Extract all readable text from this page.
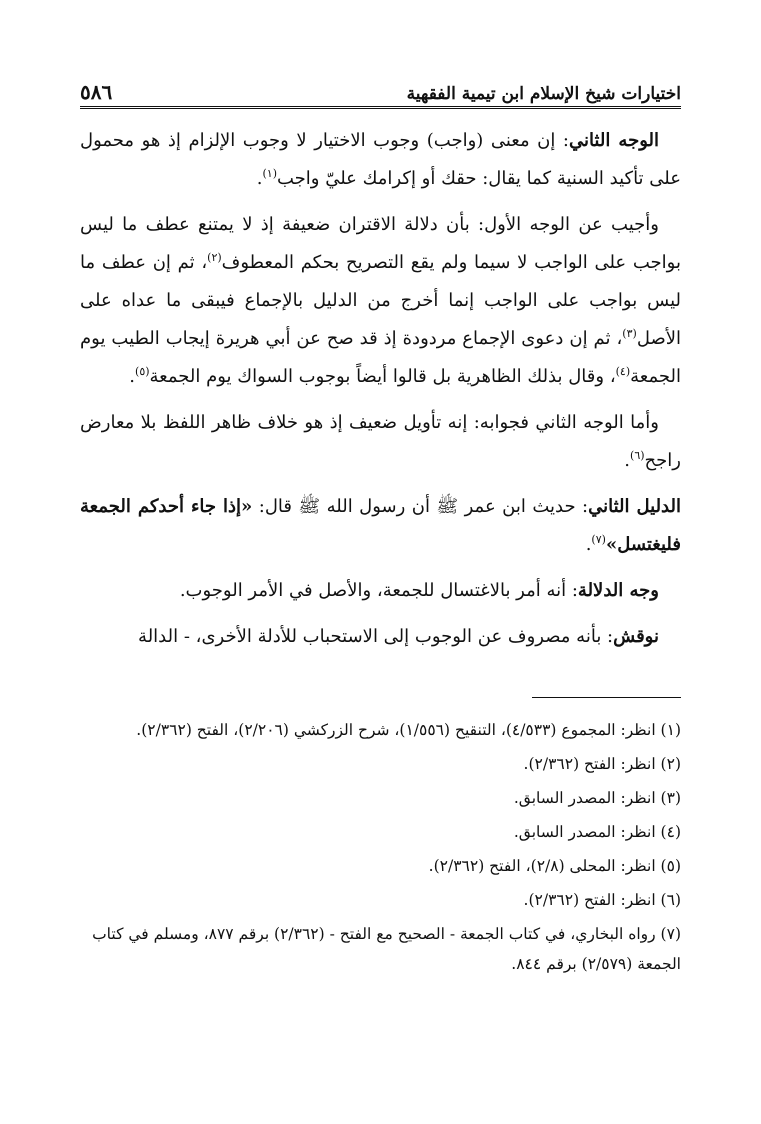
اختيارات شيخ الإسلام ابن تيمية الفقهية
٥٨٦

الوجه الثاني: إن معنى (واجب) وجوب الاختيار لا وجوب الإلزام إذ هو محمول على تأكيد السنية كما يقال: حقك أو إكرامك عليّ واجب$^{(١)}$.

وأجيب عن الوجه الأول: بأن دلالة الاقتران ضعيفة إذ لا يمتنع عطف ما ليس بواجب على الواجب لا سيما ولم يقع التصريح بحكم المعطوف$^{(٢)}$، ثم إن عطف ما ليس بواجب على الواجب إنما أخرج من الدليل بالإجماع فيبقى ما عداه على الأصل$^{(٣)}$، ثم إن دعوى الإجماع مردودة إذ قد صح عن أبي هريرة إيجاب الطيب يوم الجمعة$^{(٤)}$، وقال بذلك الظاهرية بل قالوا أيضاً بوجوب السواك يوم الجمعة$^{(٥)}$.

وأما الوجه الثاني فجوابه: إنه تأويل ضعيف إذ هو خلاف ظاهر اللفظ بلا معارض راجح$^{(٦)}$.

الدليل الثاني: حديث ابن عمر ﷺ أن رسول الله ﷺ قال: «إذا جاء أحدكم الجمعة فليغتسل»$^{(٧)}$.

وجه الدلالة: أنه أمر بالاغتسال للجمعة، والأصل في الأمر الوجوب.

نوقش: بأنه مصروف عن الوجوب إلى الاستحباب للأدلة الأخرى، - الدالة

(١) انظر: المجموع (٤/٥٣٣)، التنقيح (١/٥٥٦)، شرح الزركشي (٢/٢٠٦)، الفتح (٢/٣٦٢).
(٢) انظر: الفتح (٢/٣٦٢).
(٣) انظر: المصدر السابق.
(٤) انظر: المصدر السابق.
(٥) انظر: المحلى (٢/٨)، الفتح (٢/٣٦٢).
(٦) انظر: الفتح (٢/٣٦٢).
(٧) رواه البخاري، في كتاب الجمعة - الصحيح مع الفتح - (٢/٣٦٢) برقم ٨٧٧، ومسلم في كتاب الجمعة (٢/٥٧٩) برقم ٨٤٤.
